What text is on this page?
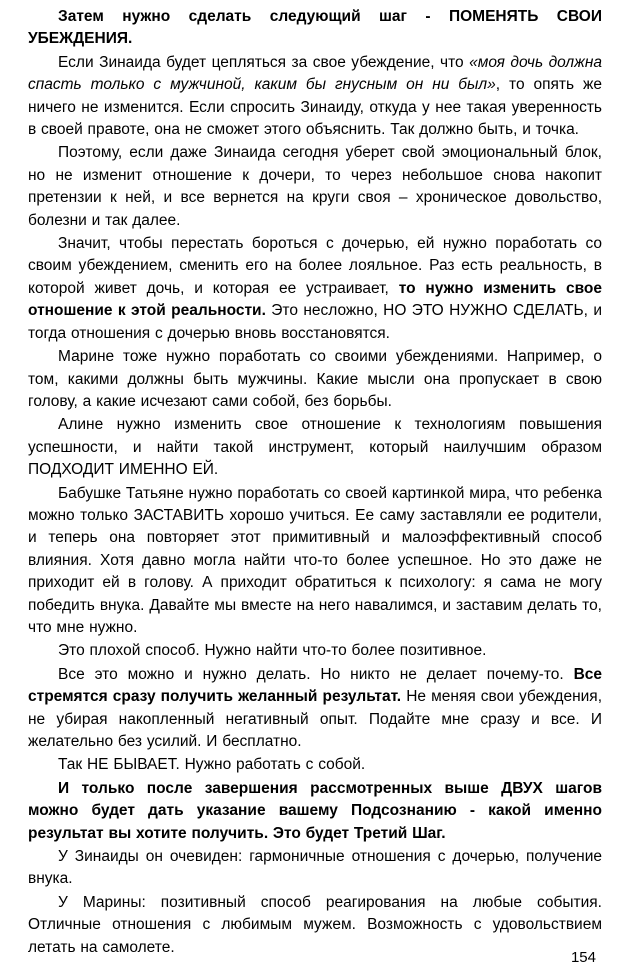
Затем нужно сделать следующий шаг - ПОМЕНЯТЬ СВОИ УБЕЖДЕНИЯ.

Если Зинаида будет цепляться за свое убеждение, что «моя дочь должна спасть только с мужчиной, каким бы гнусным он ни был», то опять же ничего не изменится. Если спросить Зинаиду, откуда у нее такая уверенность в своей правоте, она не сможет этого объяснить. Так должно быть, и точка.

Поэтому, если даже Зинаида сегодня уберет свой эмоциональный блок, но не изменит отношение к дочери, то через небольшое снова накопит претензии к ней, и все вернется на круги своя – хроническое довольство, болезни и так далее.

Значит, чтобы перестать бороться с дочерью, ей нужно поработать со своим убеждением, сменить его на более лояльное. Раз есть реальность, в которой живет дочь, и которая ее устраивает, то нужно изменить свое отношение к этой реальности. Это несложно, НО ЭТО НУЖНО СДЕЛАТЬ, и тогда отношения с дочерью вновь восстановятся.

Марине тоже нужно поработать со своими убеждениями. Например, о том, какими должны быть мужчины. Какие мысли она пропускает в свою голову, а какие исчезают сами собой, без борьбы.

Алине нужно изменить свое отношение к технологиям повышения успешности, и найти такой инструмент, который наилучшим образом ПОДХОДИТ ИМЕННО ЕЙ.

Бабушке Татьяне нужно поработать со своей картинкой мира, что ребенка можно только ЗАСТАВИТЬ хорошо учиться. Ее саму заставляли ее родители, и теперь она повторяет этот примитивный и малоэффективный способ влияния. Хотя давно могла найти что-то более успешное. Но это даже не приходит ей в голову. А приходит обратиться к психологу: я сама не могу победить внука. Давайте мы вместе на него навалимся, и заставим делать то, что мне нужно.

Это плохой способ. Нужно найти что-то более позитивное.

Все это можно и нужно делать. Но никто не делает почему-то. Все стремятся сразу получить желанный результат. Не меняя свои убеждения, не убирая накопленный негативный опыт. Подайте мне сразу и все. И желательно без усилий. И бесплатно.

Так НЕ БЫВАЕТ. Нужно работать с собой.

И только после завершения рассмотренных выше ДВУХ шагов можно будет дать указание вашему Подсознанию - какой именно результат вы хотите получить. Это будет Третий Шаг.

У Зинаиды он очевиден: гармоничные отношения с дочерью, получение внука.

У Марины: позитивный способ реагирования на любые события. Отличные отношения с любимым мужем. Возможность с удовольствием летать на самолете.

154
